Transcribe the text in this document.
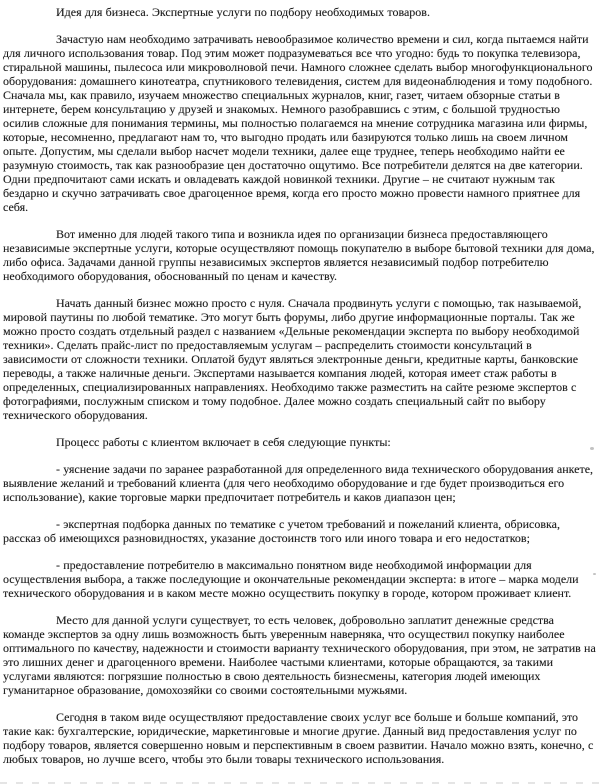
Идея для бизнеса. Экспертные услуги по подбору необходимых товаров.

Зачастую нам необходимо затрачивать невообразимое количество времени и сил, когда пытаемся найти для личного использования товар. Под этим может подразумеваться все что угодно: будь то покупка телевизора, стиральной машины, пылесоса или микроволновой печи. Намного сложнее сделать выбор многофункционального оборудования: домашнего кинотеатра, спутникового телевидения, систем для видеонаблюдения и тому подобного. Сначала мы, как правило, изучаем множество специальных журналов, книг, газет, читаем обзорные статьи в интернете, берем консультацию у друзей и знакомых. Немного разобравшись с этим, с большой трудностью осилив сложные для понимания термины, мы полностью полагаемся на мнение сотрудника магазина или фирмы, которые, несомненно, предлагают нам то, что выгодно продать или базируются только лишь на своем личном опыте. Допустим, мы сделали выбор насчет модели техники, далее еще труднее, теперь необходимо найти ее разумную стоимость, так как разнообразие цен достаточно ощутимо. Все потребители делятся на две категории. Одни предпочитают сами искать и овладевать каждой новинкой техники. Другие – не считают нужным так бездарно и скучно затрачивать свое драгоценное время, когда его просто можно провести намного приятнее для себя.

Вот именно для людей такого типа и возникла идея по организации бизнеса предоставляющего независимые экспертные услуги, которые осуществляют помощь покупателю в выборе бытовой техники для дома, либо офиса. Задачами данной группы независимых экспертов является независимый подбор потребителю необходимого оборудования, обоснованный по ценам и качеству.

Начать данный бизнес можно просто с нуля. Сначала продвинуть услуги с помощью, так называемой, мировой паутины по любой тематике. Это могут быть форумы, либо другие информационные порталы. Так же можно просто создать отдельный раздел с названием «Дельные рекомендации эксперта по выбору необходимой техники». Сделать прайс-лист по предоставляемым услугам – распределить стоимости консультаций в зависимости от сложности техники. Оплатой будут являться электронные деньги, кредитные карты, банковские переводы, а также наличные деньги. Экспертами называется компания людей, которая имеет стаж работы в определенных, специализированных направлениях. Необходимо также разместить на сайте резюме экспертов с фотографиями, послужным списком и тому подобное. Далее можно создать специальный сайт по выбору технического оборудования.

Процесс работы с клиентом включает в себя следующие пункты:

- уяснение задачи по заранее разработанной для определенного вида технического оборудования анкете, выявление желаний и требований клиента (для чего необходимо оборудование и где будет производиться его использование), какие торговые марки предпочитает потребитель и каков диапазон цен;

- экспертная подборка данных по тематике с учетом требований и пожеланий клиента, обрисовка, рассказ об имеющихся разновидностях, указание достоинств того или иного товара и его недостатков;

- предоставление потребителю в максимально понятном виде необходимой информации для осуществления выбора, а также последующие и окончательные рекомендации эксперта: в итоге – марка модели технического оборудования и в каком месте можно осуществить покупку в городе, котором проживает клиент.

Место для данной услуги существует, то есть человек, добровольно заплатит денежные средства команде экспертов за одну лишь возможность быть уверенным наверняка, что осуществил покупку наиболее оптимального по качеству, надежности и стоимости варианту технического оборудования, при этом, не затратив на это лишних денег и драгоценного времени. Наиболее частыми клиентами, которые обращаются, за такими услугами являются: погрязшие полностью в свою деятельность бизнесмены, категория людей имеющих гуманитарное образование, домохозяйки со своими состоятельными мужьями.

Сегодня в таком виде осуществляют предоставление своих услуг все больше и больше компаний, это такие как: бухгалтерские, юридические, маркетинговые и многие другие. Данный вид предоставления услуг по подбору товаров, является совершенно новым и перспективным в своем развитии. Начало можно взять, конечно, с любых товаров, но лучше всего, чтобы это были товары технического использования.
